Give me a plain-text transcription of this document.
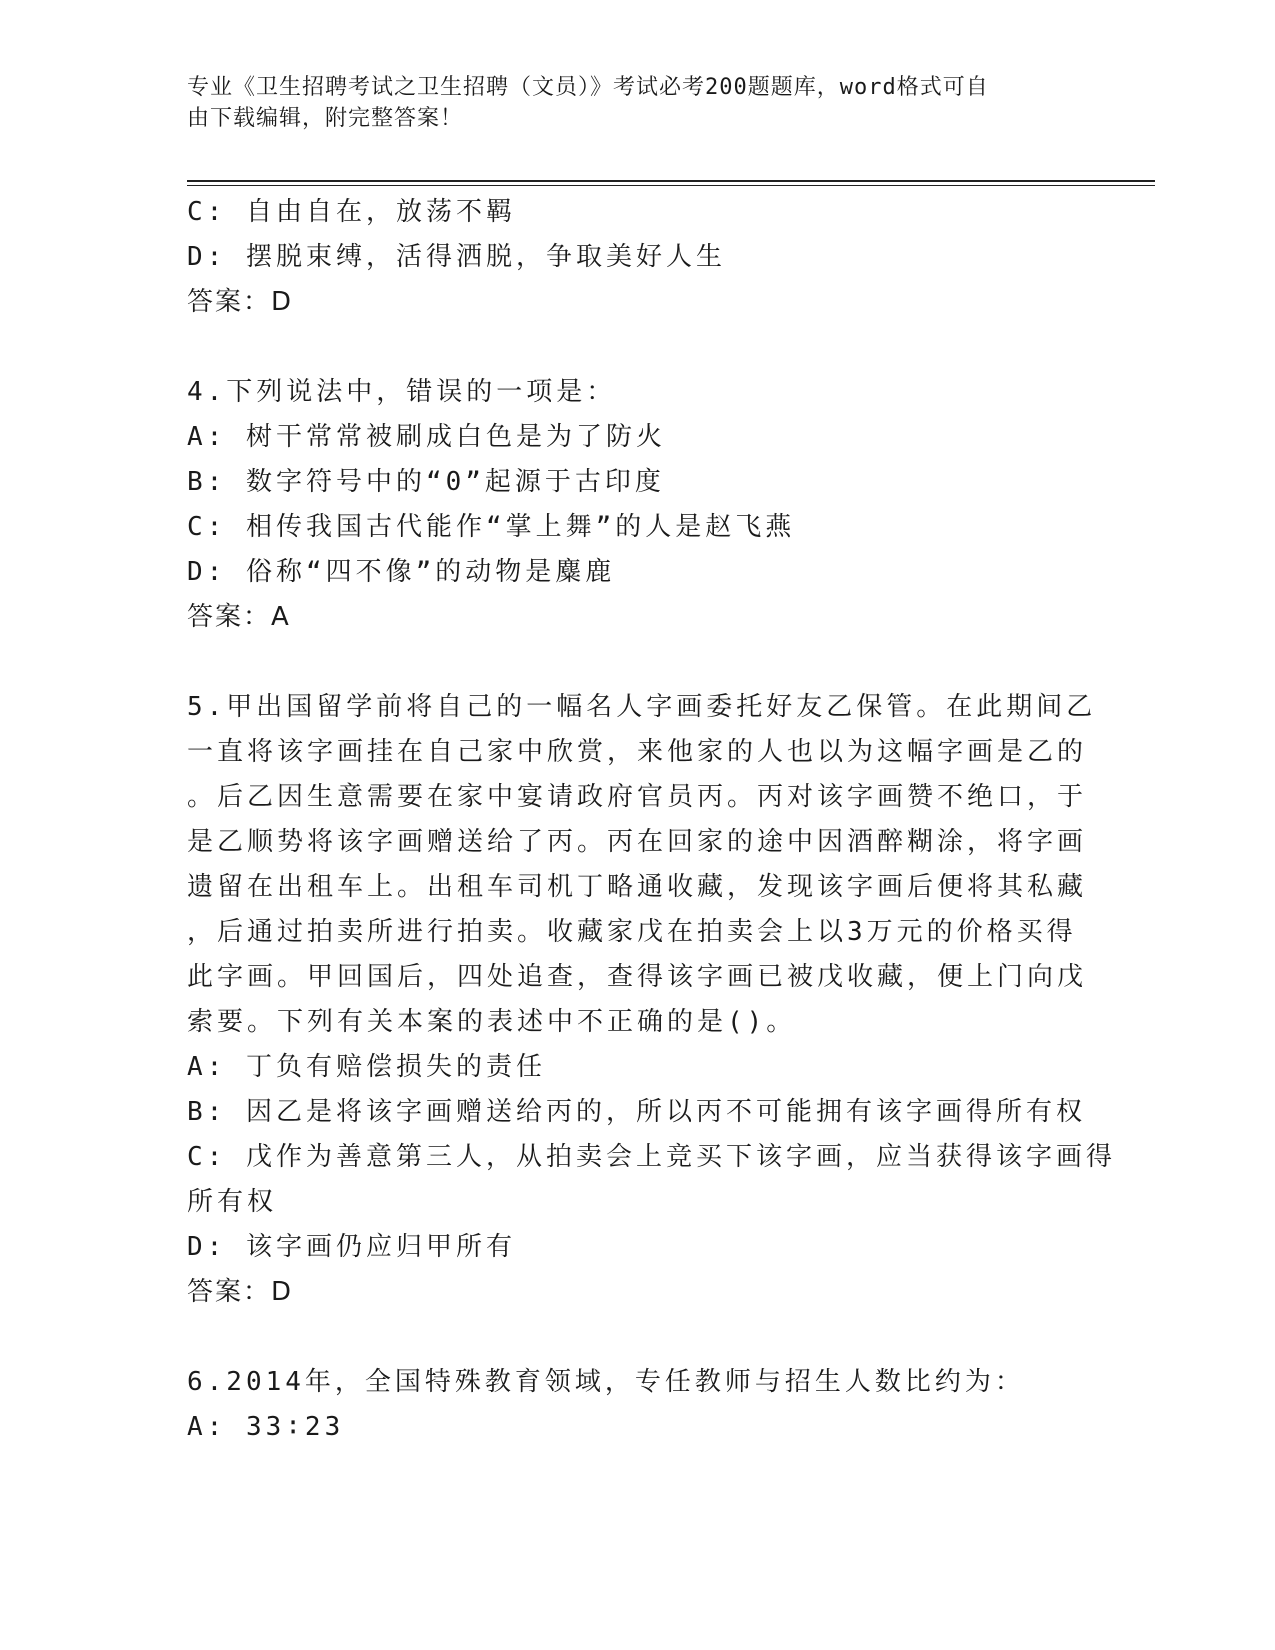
专业《卫生招聘考试之卫生招聘（文员）》考试必考200题题库，word格式可自
由下载编辑，附完整答案！
C: 自由自在，放荡不羁
D: 摆脱束缚，活得洒脱，争取美好人生
答案：D
4.下列说法中，错误的一项是：
A: 树干常常被刷成白色是为了防火
B: 数字符号中的“0”起源于古印度
C: 相传我国古代能作“掌上舞”的人是赵飞燕
D: 俗称“四不像”的动物是麋鹿
答案：A
5.甲出国留学前将自己的一幅名人字画委托好友乙保管。在此期间乙
一直将该字画挂在自己家中欣赏，来他家的人也以为这幅字画是乙的
。后乙因生意需要在家中宴请政府官员丙。丙对该字画赞不绝口，于
是乙顺势将该字画赠送给了丙。丙在回家的途中因酒醉糊涂，将字画
遗留在出租车上。出租车司机丁略通收藏，发现该字画后便将其私藏
，后通过拍卖所进行拍卖。收藏家戊在拍卖会上以3万元的价格买得
此字画。甲回国后，四处追查，查得该字画已被戊收藏，便上门向戊
索要。下列有关本案的表述中不正确的是()。
A: 丁负有赔偿损失的责任
B: 因乙是将该字画赠送给丙的，所以丙不可能拥有该字画得所有权
C: 戊作为善意第三人，从拍卖会上竞买下该字画，应当获得该字画得
所有权
D: 该字画仍应归甲所有
答案：D
6.2014年，全国特殊教育领域，专任教师与招生人数比约为：
A: 33∶23
